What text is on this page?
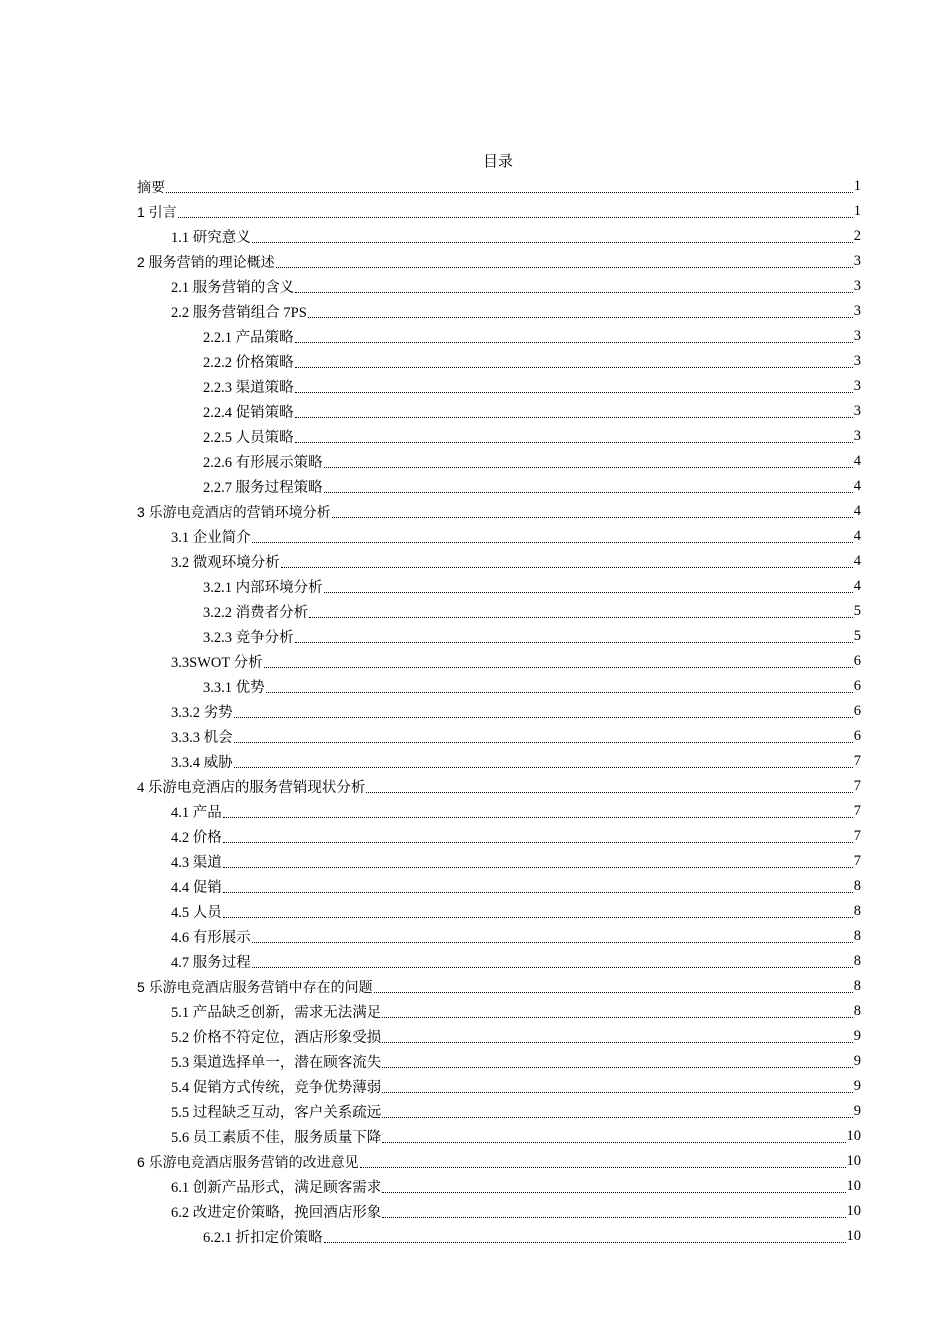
目录
摘要	1
1 引言	1
1.1 研究意义	2
2 服务营销的理论概述	3
2.1 服务营销的含义	3
2.2 服务营销组合 7PS	3
2.2.1 产品策略	3
2.2.2 价格策略	3
2.2.3 渠道策略	3
2.2.4 促销策略	3
2.2.5 人员策略	3
2.2.6 有形展示策略	4
2.2.7 服务过程策略	4
3 乐游电竞酒店的营销环境分析	4
3.1 企业简介	4
3.2 微观环境分析	4
3.2.1 内部环境分析	4
3.2.2 消费者分析	5
3.2.3 竞争分析	5
3.3SWOT 分析	6
3.3.1 优势	6
3.3.2 劣势	6
3.3.3 机会	6
3.3.4 威胁	7
4 乐游电竞酒店的服务营销现状分析	7
4.1 产品	7
4.2 价格	7
4.3 渠道	7
4.4 促销	8
4.5 人员	8
4.6 有形展示	8
4.7 服务过程	8
5 乐游电竞酒店服务营销中存在的问题	8
5.1 产品缺乏创新，需求无法满足	8
5.2 价格不符定位，酒店形象受损	9
5.3 渠道选择单一，潜在顾客流失	9
5.4 促销方式传统，竞争优势薄弱	9
5.5 过程缺乏互动，客户关系疏远	9
5.6 员工素质不佳，服务质量下降	10
6 乐游电竞酒店服务营销的改进意见	10
6.1 创新产品形式，满足顾客需求	10
6.2 改进定价策略，挽回酒店形象	10
6.2.1 折扣定价策略	10
